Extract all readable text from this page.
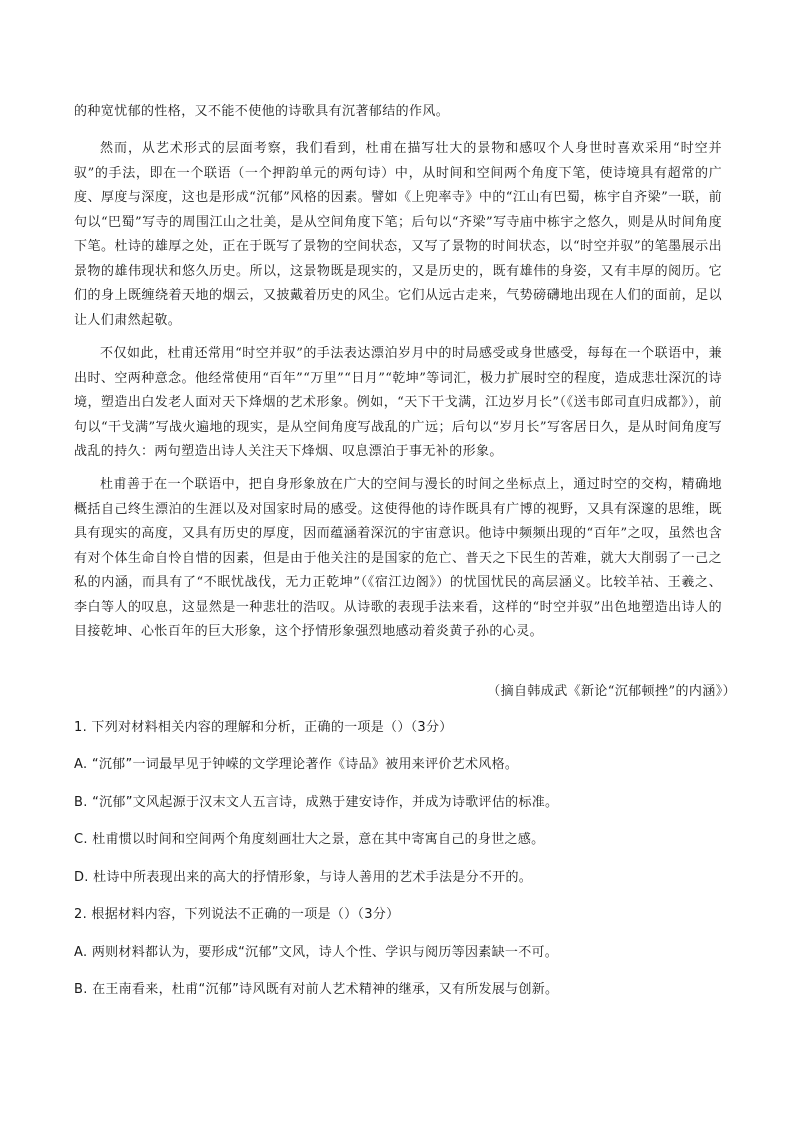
的种宽忧郁的性格，又不能不使他的诗歌具有沉著郁结的作风。

然而，从艺术形式的层面考察，我们看到，杜甫在描写壮大的景物和感叹个人身世时喜欢采用“时空并驭”的手法，即在一个联语（一个押韵单元的两句诗）中，从时间和空间两个角度下笔，使诗境具有超常的广度、厚度与深度，这也是形成“沉郁”风格的因素。譬如《上兜率寺》中的“江山有巴蜀，栋宇自齐梁”一联，前句以“巴蜀”写寺的周围江山之壮美，是从空间角度下笔；后句以“齐梁”写寺庙中栋宇之悠久，则是从时间角度下笔。杜诗的雄厚之处，正在于既写了景物的空间状态，又写了景物的时间状态，以“时空并驭”的笔墨展示出景物的雄伟现状和悠久历史。所以，这景物既是现实的，又是历史的，既有雄伟的身姿，又有丰厚的阅历。它们的身上既缠绕着天地的烟云，又披戴着历史的风尘。它们从远古走来，气势磅礴地出现在人们的面前，足以让人们肃然起敬。

不仅如此，杜甫还常用“时空并驭”的手法表达漂泊岁月中的时局感受或身世感受，每每在一个联语中，兼出时、空两种意念。他经常使用“百年”“万里”“日月”“乾坤”等词汇，极力扩展时空的程度，造成悲壮深沉的诗境，塑造出白发老人面对天下烽烟的艺术形象。例如，“天下干戈满，江边岁月长”（《送韦郎司直归成都》），前句以“干戈满”写战火遍地的现实，是从空间角度写战乱的广远；后句以“岁月长”写客居日久，是从时间角度写战乱的持久：两句塑造出诗人关注天下烽烟、叹息漂泊于事无补的形象。

杜甫善于在一个联语中，把自身形象放在广大的空间与漫长的时间之坐标点上，通过时空的交构，精确地概括自己终生漂泊的生涯以及对国家时局的感受。这使得他的诗作既具有广博的视野，又具有深邃的思维，既具有现实的高度，又具有历史的厚度，因而蕴涵着深沉的宇宙意识。他诗中频频出现的“百年”之叹，虽然也含有对个体生命自怜自惜的因素，但是由于他关注的是国家的危亡、普天之下民生的苦难，就大大削弱了一己之私的内涵，而具有了“不眠忧战伐，无力正乾坤”（《宿江边阁》）的忧国忧民的高层涵义。比较羊祜、王羲之、李白等人的叹息，这显然是一种悲壮的浩叹。从诗歌的表现手法来看，这样的“时空并驭”出色地塑造出诗人的目接乾坤、心怅百年的巨大形象，这个抒情形象强烈地感动着炎黄子孙的心灵。

（摘自韩成武《新论“沉郁顿挫”的内涵》）

1. 下列对材料相关内容的理解和分析，正确的一项是（）（3分）

A. “沉郁”一词最早见于钟嵘的文学理论著作《诗品》被用来评价艺术风格。

B. “沉郁”文风起源于汉末文人五言诗，成熟于建安诗作，并成为诗歌评估的标准。

C. 杜甫惯以时间和空间两个角度刻画壮大之景，意在其中寄寓自己的身世之感。

D. 杜诗中所表现出来的高大的抒情形象，与诗人善用的艺术手法是分不开的。

2. 根据材料内容，下列说法不正确的一项是（）（3分）

A. 两则材料都认为，要形成“沉郁”文风，诗人个性、学识与阅历等因素缺一不可。

B. 在王南看来，杜甫“沉郁”诗风既有对前人艺术精神的继承，又有所发展与创新。
